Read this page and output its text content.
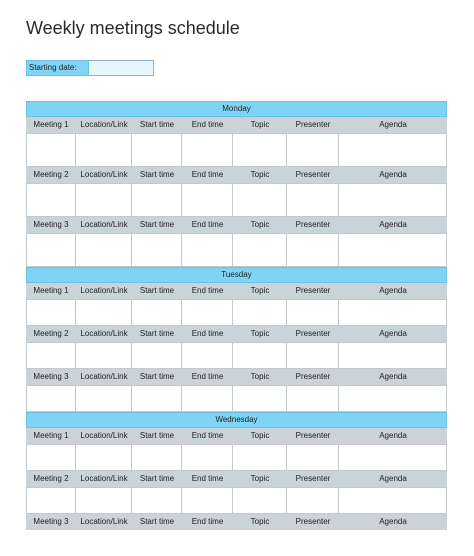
Weekly meetings schedule
Starting date:
Monday
Meeting 1	Location/Link	Start time	End time	Topic	Presenter	Agenda
Meeting 2	Location/Link	Start time	End time	Topic	Presenter	Agenda
Meeting 3	Location/Link	Start time	End time	Topic	Presenter	Agenda
Tuesday
Meeting 1	Location/Link	Start time	End time	Topic	Presenter	Agenda
Meeting 2	Location/Link	Start time	End time	Topic	Presenter	Agenda
Meeting 3	Location/Link	Start time	End time	Topic	Presenter	Agenda
Wednesday
Meeting 1	Location/Link	Start time	End time	Topic	Presenter	Agenda
Meeting 2	Location/Link	Start time	End time	Topic	Presenter	Agenda
Meeting 3	Location/Link	Start time	End time	Topic	Presenter	Agenda
